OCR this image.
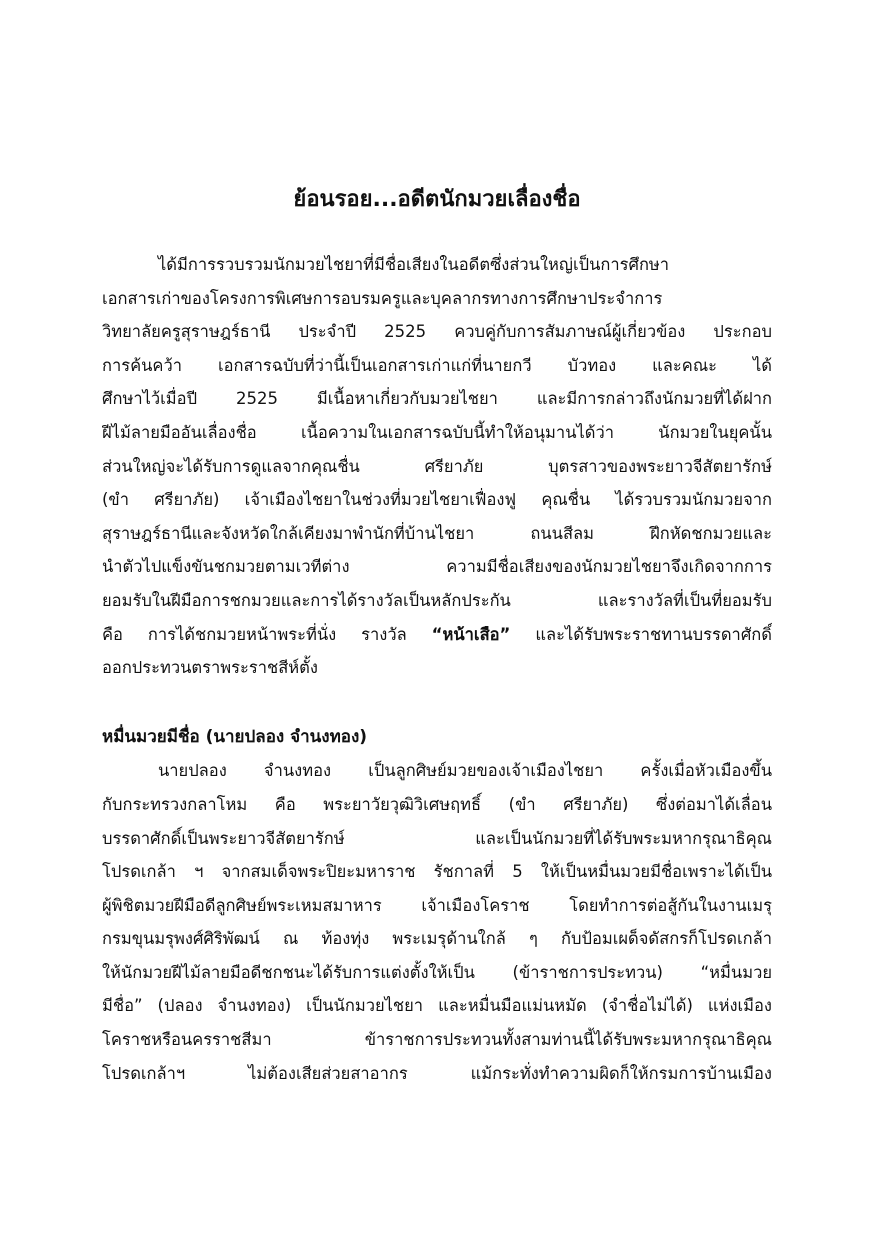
ย้อนรอย...อดีตนักมวยเลื่องชื่อ
ได้มีการรวบรวมนักมวยไชยาที่มีชื่อเสียงในอดีตซึ่งส่วนใหญ่เป็นการศึกษา
เอกสารเก่าของโครงการพิเศษการอบรมครูและบุคลากรทางการศึกษาประจำการ
วิทยาลัยครูสุราษฎร์ธานี ประจำปี 2525 ควบคู่กับการสัมภาษณ์ผู้เกี่ยวข้อง ประกอบ
การค้นคว้า เอกสารฉบับที่ว่านี้เป็นเอกสารเก่าแก่ที่นายกวี บัวทอง และคณะ ได้
ศึกษาไว้เมื่อปี 2525 มีเนื้อหาเกี่ยวกับมวยไชยา และมีการกล่าวถึงนักมวยที่ได้ฝาก
ฝีไม้ลายมืออันเลื่องชื่อ เนื้อความในเอกสารฉบับนี้ทำให้อนุมานได้ว่า นักมวยในยุคนั้น
ส่วนใหญ่จะได้รับการดูแลจากคุณชื่น ศรียาภัย บุตรสาวของพระยาวจีสัตยารักษ์
(ขำ ศรียาภัย) เจ้าเมืองไชยาในช่วงที่มวยไชยาเฟื่องฟู คุณชื่น ได้รวบรวมนักมวยจาก
สุราษฎร์ธานีและจังหวัดใกล้เคียงมาพำนักที่บ้านไชยา ถนนสีลม ฝึกหัดชกมวยและ
นำตัวไปแข็งขันชกมวยตามเวทีต่าง ความมีชื่อเสียงของนักมวยไชยาจึงเกิดจากการ
ยอมรับในฝีมือการชกมวยและการได้รางวัลเป็นหลักประกัน และรางวัลที่เป็นที่ยอมรับ
คือ การได้ชกมวยหน้าพระที่นั่ง รางวัล “หน้าเสือ” และได้รับพระราชทานบรรดาศักดิ์
ออกประทวนตราพระราชสีห์ตั้ง
หมื่นมวยมีชื่อ (นายปลอง จำนงทอง)
นายปลอง จำนงทอง เป็นลูกศิษย์มวยของเจ้าเมืองไชยา ครั้งเมื่อหัวเมืองขึ้น
กับกระทรวงกลาโหม คือ พระยาวัยวุฒิวิเศษฤทธิ์ (ขำ ศรียาภัย) ซึ่งต่อมาได้เลื่อน
บรรดาศักดิ์เป็นพระยาวจีสัตยารักษ์ และเป็นนักมวยที่ได้รับพระมหากรุณาธิคุณ
โปรดเกล้า ฯ จากสมเด็จพระปิยะมหาราช รัชกาลที่ 5 ให้เป็นหมื่นมวยมีชื่อเพราะได้เป็น
ผู้พิชิตมวยฝีมือดีลูกศิษย์พระเหมสมาหาร เจ้าเมืองโคราช โดยทำการต่อสู้กันในงานเมรุ
กรมขุนมรุพงศ์ศิริพัฒน์ ณ ท้องทุ่ง พระเมรุด้านใกล้ ๆ กับป้อมเผด็จดัสกรก็โปรดเกล้า
ให้นักมวยฝีไม้ลายมือดีชกชนะได้รับการแต่งตั้งให้เป็น (ข้าราชการประทวน) “หมื่นมวย
มีชื่อ” (ปลอง จำนงทอง) เป็นนักมวยไชยา และหมื่นมือแม่นหมัด (จำชื่อไม่ได้) แห่งเมือง
โคราชหรือนครราชสีมา ข้าราชการประทวนทั้งสามท่านนี้ได้รับพระมหากรุณาธิคุณ
โปรดเกล้าฯ ไม่ต้องเสียส่วยสาอากร แม้กระทั่งทำความผิดก็ให้กรมการบ้านเมือง
